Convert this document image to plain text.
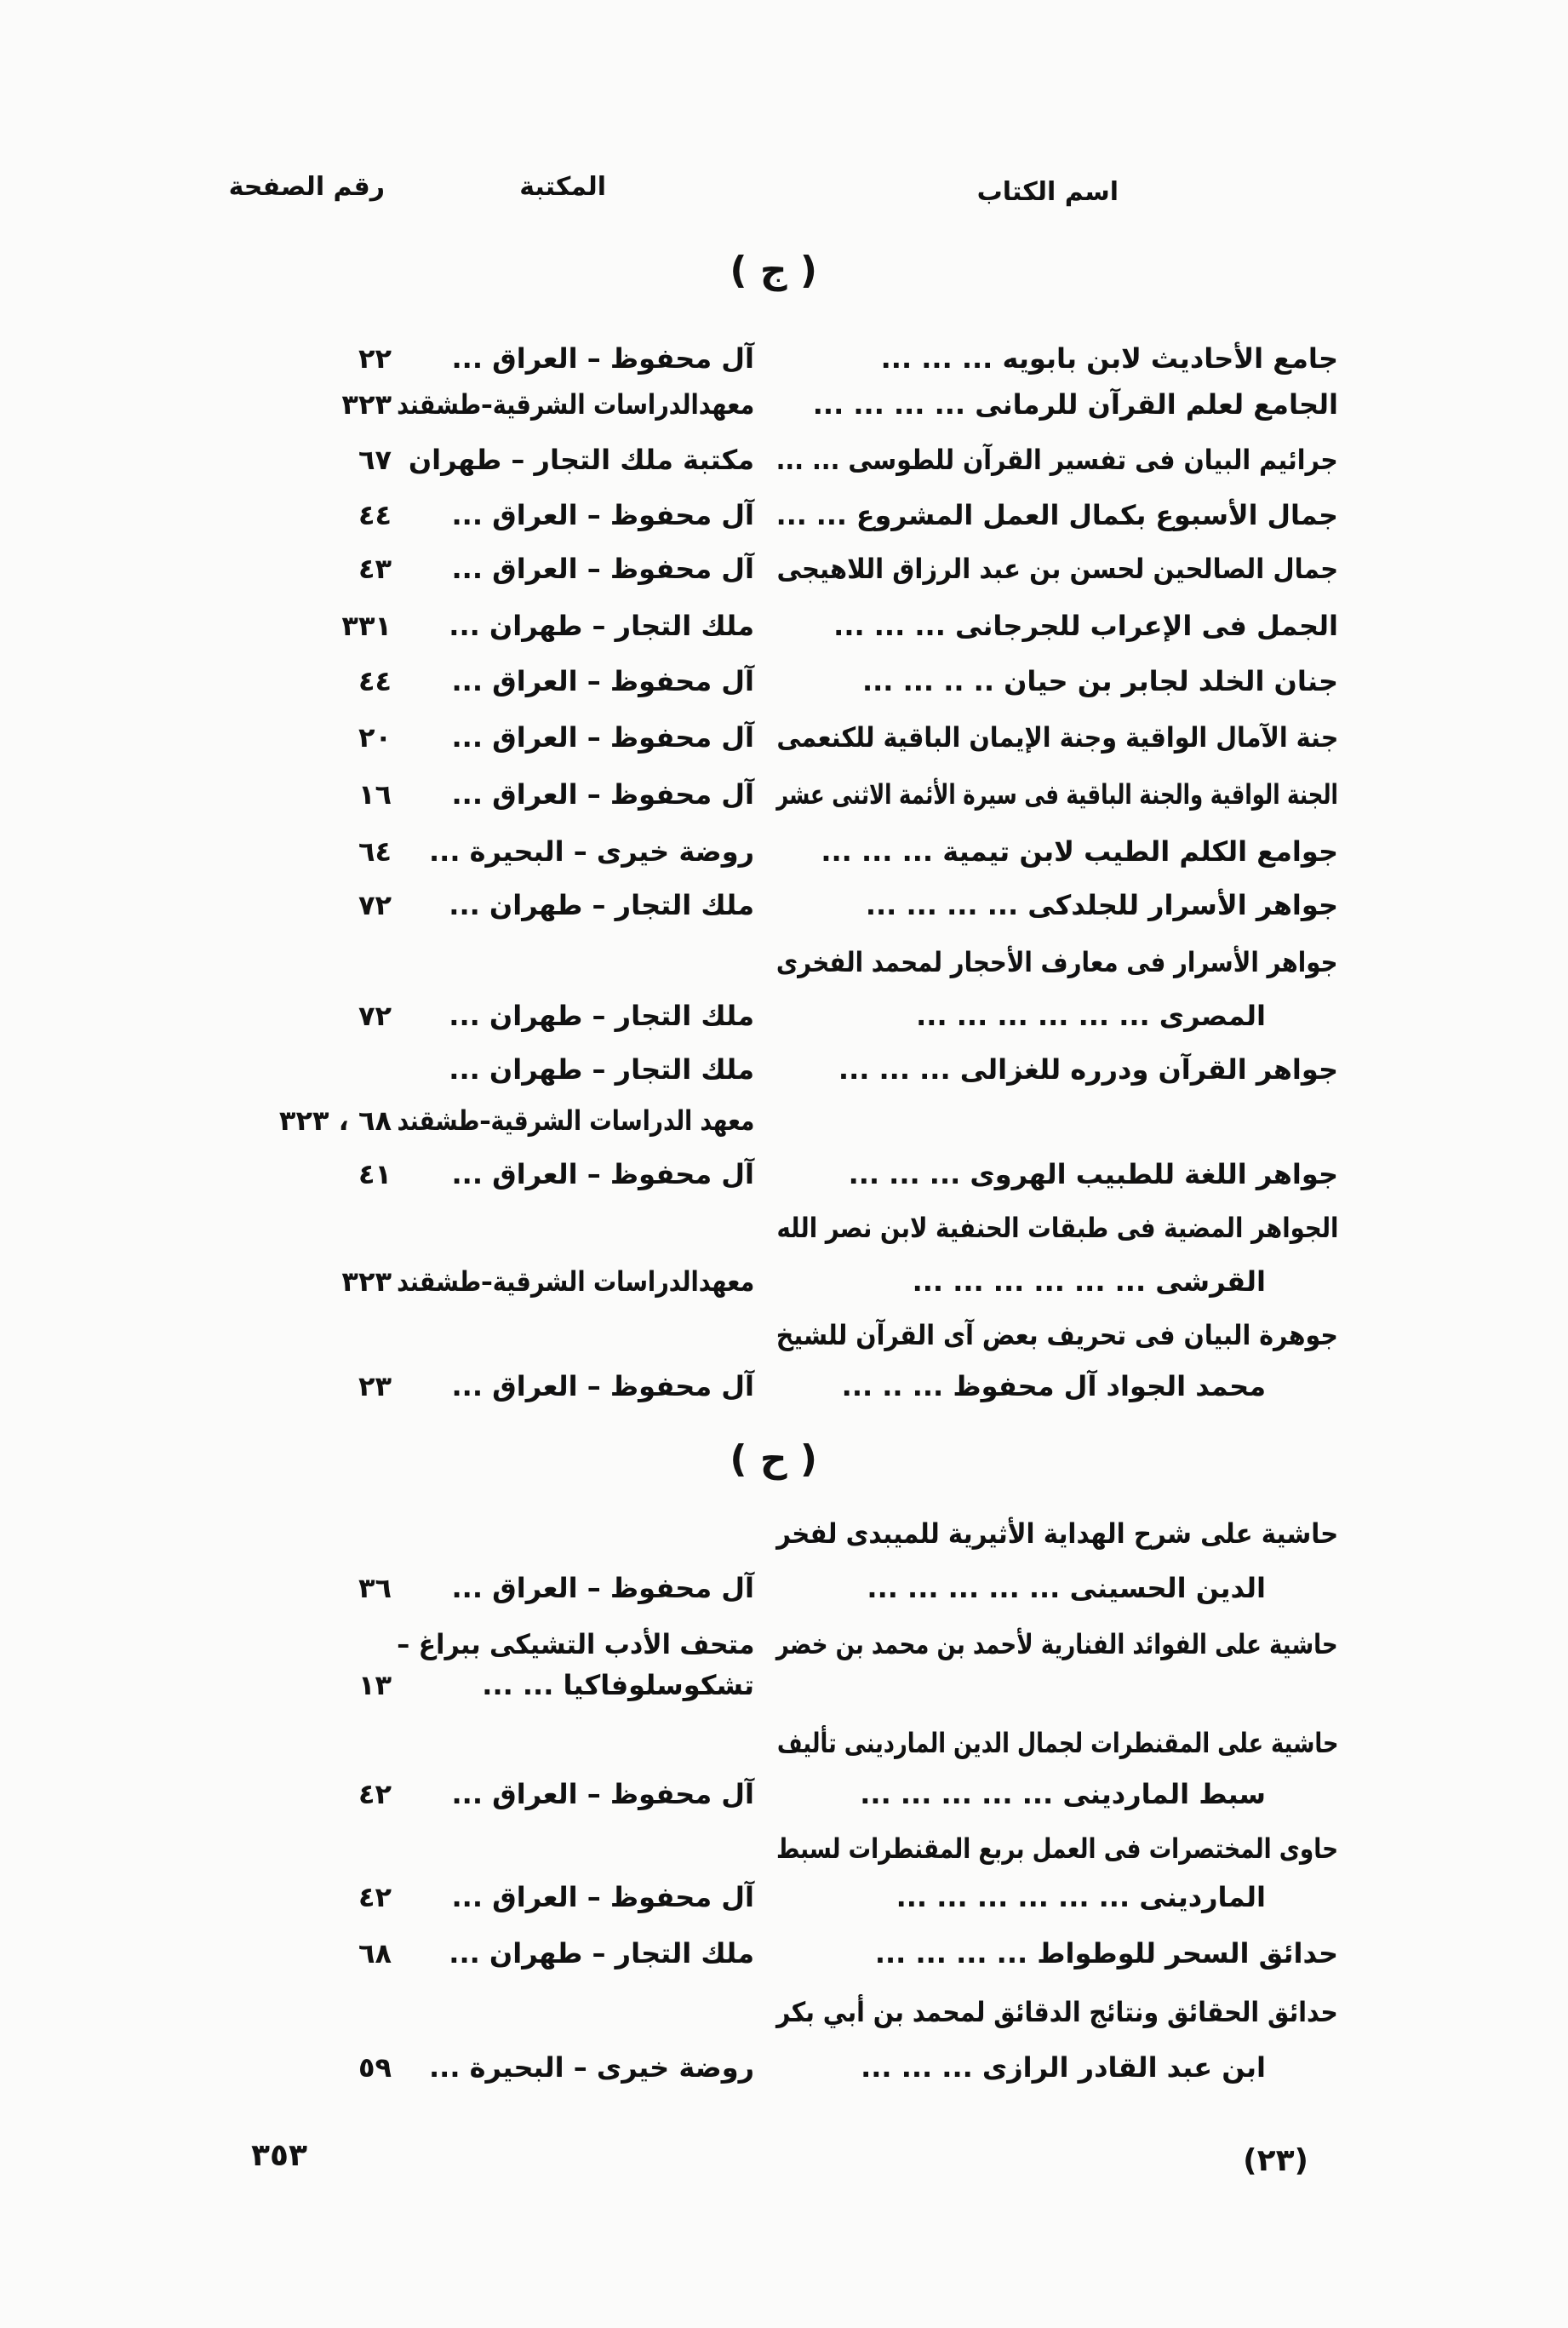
اسم الكتاب
المكتبة
رقم الصفحة
٣٥٣	(٢٣)
( ج )
جامع الأحاديث لابن بابويه ... ... ...
آل محفوظ – العراق ...
٢٢
الجامع لعلم القرآن للرمانى ... ... ... ...
معهدالدراسات الشرقية–طشقند
٣٢٣
جرائيم البيان فى تفسير القرآن للطوسى ... ...
مكتبة ملك التجار – طهران
٦٧
جمال الأسبوع بكمال العمل المشروع ... ...
آل محفوظ – العراق ...
٤٤
جمال الصالحين لحسن بن عبد الرزاق اللاهيجى
آل محفوظ – العراق ...
٤٣
الجمل فى الإعراب للجرجانى ... ... ...
ملك التجار – طهران ...
٣٣١
جنان الخلد لجابر بن حيان .. .. ... ...
آل محفوظ – العراق ...
٤٤
جنة الآمال الواقية وجنة الإيمان الباقية للكنعمى
آل محفوظ – العراق ...
٢٠
الجنة الواقية والجنة الباقية فى سيرة الأئمة الاثنى عشر
آل محفوظ – العراق ...
١٦
جوامع الكلم الطيب لابن تيمية ... ... ...
روضة خيرى – البحيرة ...
٦٤
جواهر الأسرار للجلدكى ... ... ... ...
ملك التجار – طهران ...
٧٢
جواهر الأسرار فى معارف الأحجار لمحمد الفخرى
المصرى ... ... ... ... ... ...
ملك التجار – طهران ...
٧٢
جواهر القرآن ودرره للغزالى ... ... ...
ملك التجار – طهران ...
معهد الدراسات الشرقية–طشقند
٦٨ ، ٣٢٣
جواهر اللغة للطبيب الهروى ... ... ...
آل محفوظ – العراق ...
٤١
الجواهر المضية فى طبقات الحنفية لابن نصر الله
القرشى ... ... ... ... ... ...
معهدالدراسات الشرقية–طشقند
٣٢٣
جوهرة البيان فى تحريف بعض آى القرآن للشيخ
محمد الجواد آل محفوظ ... .. ...
آل محفوظ – العراق ...
٢٣
( ح )
حاشية على شرح الهداية الأثيرية للميبدى لفخر
الدين الحسينى ... ... ... ... ...
آل محفوظ – العراق ...
٣٦
حاشية على الفوائد الفنارية لأحمد بن محمد بن خضر
متحف الأدب التشيكى ببراغ –
تشكوسلوفاكيا ... ...
١٣
حاشية على المقنطرات لجمال الدين الماردينى تأليف
سبط الماردينى ... ... ... ... ...
آل محفوظ – العراق ...
٤٢
حاوى المختصرات فى العمل بربع المقنطرات لسبط
الماردينى ... ... ... ... ... ...
آل محفوظ – العراق ...
٤٢
حدائق السحر للوطواط ... ... ... ...
ملك التجار – طهران ...
٦٨
حدائق الحقائق ونتائج الدقائق لمحمد بن أبي بكر
ابن عبد القادر الرازى ... ... ...
روضة خيرى – البحيرة ...
٥٩
